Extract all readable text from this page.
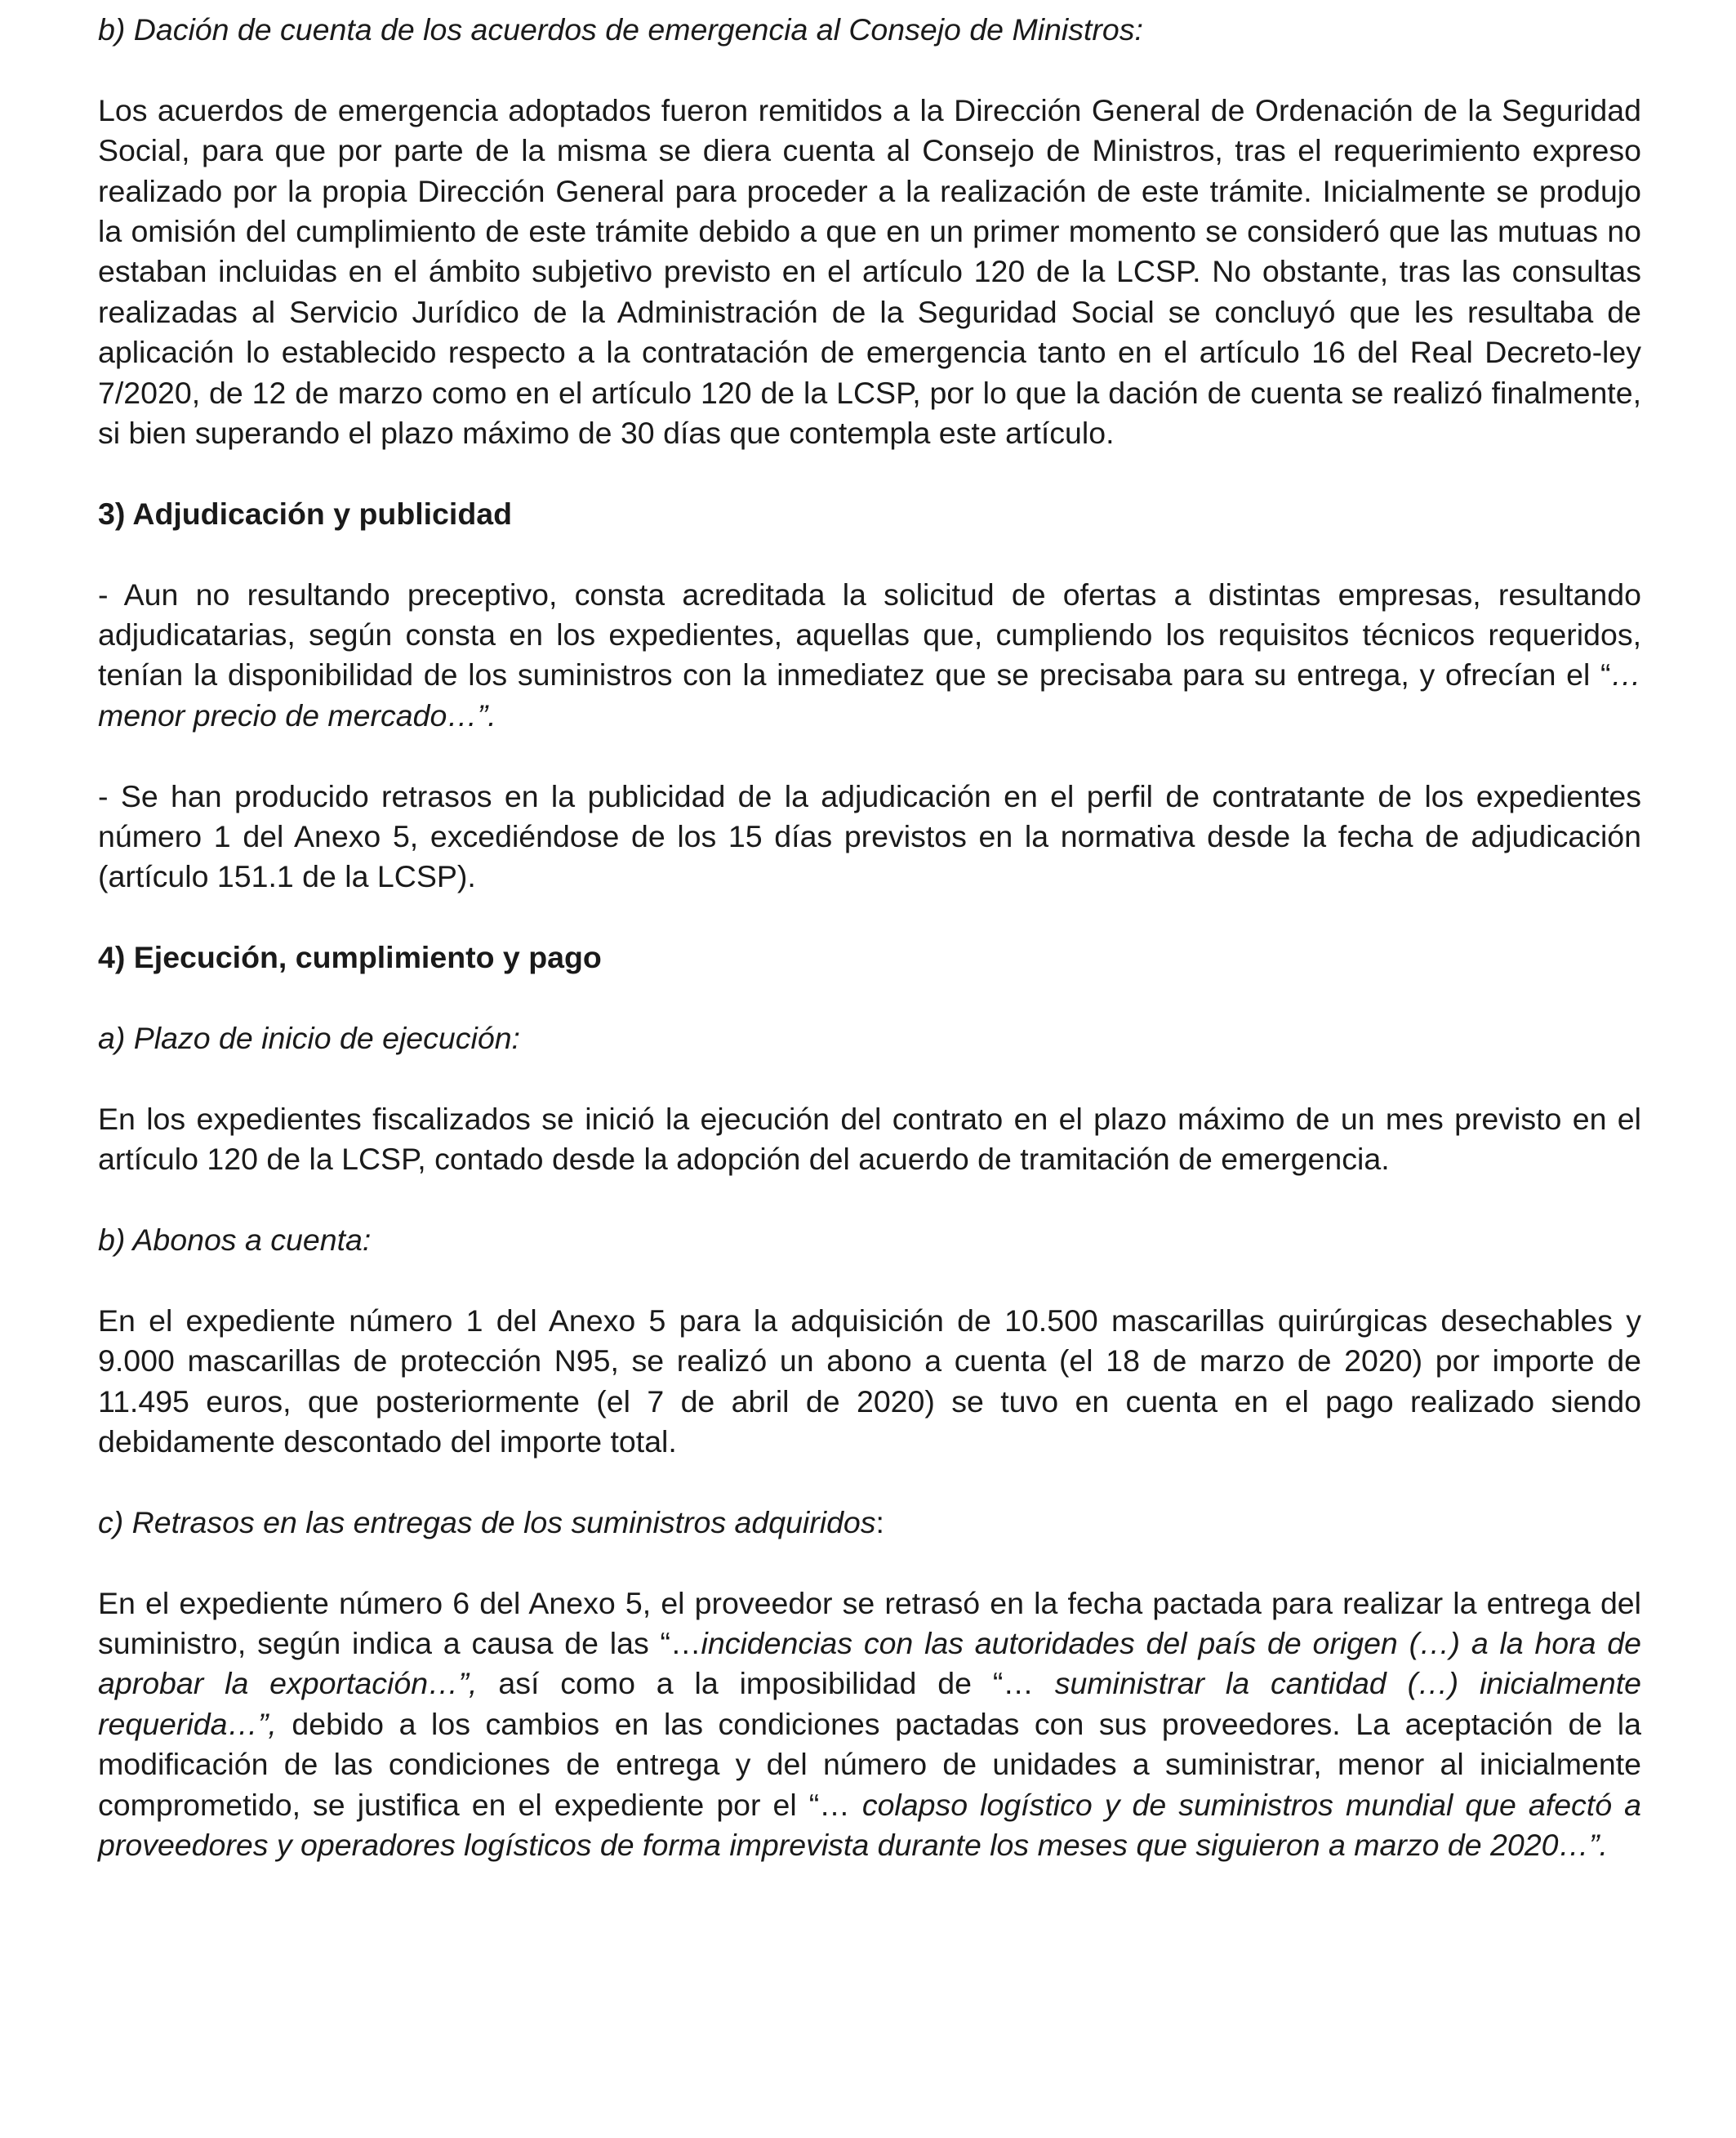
b) Dación de cuenta de los acuerdos de emergencia al Consejo de Ministros:

Los acuerdos de emergencia adoptados fueron remitidos a la Dirección General de Ordenación de la Seguridad Social, para que por parte de la misma se diera cuenta al Consejo de Ministros, tras el requerimiento expreso realizado por la propia Dirección General para proceder a la realización de este trámite. Inicialmente se produjo la omisión del cumplimiento de este trámite debido a que en un primer momento se consideró que las mutuas no estaban incluidas en el ámbito subjetivo previsto en el artículo 120 de la LCSP. No obstante, tras las consultas realizadas al Servicio Jurídico de la Administración de la Seguridad Social se concluyó que les resultaba de aplicación lo establecido respecto a la contratación de emergencia tanto en el artículo 16 del Real Decreto-ley 7/2020, de 12 de marzo como en el artículo 120 de la LCSP, por lo que la dación de cuenta se realizó finalmente, si bien superando el plazo máximo de 30 días que contempla este artículo.

3) Adjudicación y publicidad

- Aun no resultando preceptivo, consta acreditada la solicitud de ofertas a distintas empresas, resultando adjudicatarias, según consta en los expedientes, aquellas que, cumpliendo los requisitos técnicos requeridos, tenían la disponibilidad de los suministros con la inmediatez que se precisaba para su entrega, y ofrecían el “…menor precio de mercado…”.

- Se han producido retrasos en la publicidad de la adjudicación en el perfil de contratante de los expedientes número 1 del Anexo 5, excediéndose de los 15 días previstos en la normativa desde la fecha de adjudicación (artículo 151.1 de la LCSP).

4) Ejecución, cumplimiento y pago

a) Plazo de inicio de ejecución:

En los expedientes fiscalizados se inició la ejecución del contrato en el plazo máximo de un mes previsto en el artículo 120 de la LCSP, contado desde la adopción del acuerdo de tramitación de emergencia.

b) Abonos a cuenta:

En el expediente número 1 del Anexo 5 para la adquisición de 10.500 mascarillas quirúrgicas desechables y 9.000 mascarillas de protección N95, se realizó un abono a cuenta (el 18 de marzo de 2020) por importe de 11.495 euros, que posteriormente (el 7 de abril de 2020) se tuvo en cuenta en el pago realizado siendo debidamente descontado del importe total.

c) Retrasos en las entregas de los suministros adquiridos:

En el expediente número 6 del Anexo 5, el proveedor se retrasó en la fecha pactada para realizar la entrega del suministro, según indica a causa de las “…incidencias con las autoridades del país de origen (…) a la hora de aprobar la exportación…”, así como a la imposibilidad de “… suministrar la cantidad (…) inicialmente requerida…”, debido a los cambios en las condiciones pactadas con sus proveedores. La aceptación de la modificación de las condiciones de entrega y del número de unidades a suministrar, menor al inicialmente comprometido, se justifica en el expediente por el “… colapso logístico y de suministros mundial que afectó a proveedores y operadores logísticos de forma imprevista durante los meses que siguieron a marzo de 2020…”.
